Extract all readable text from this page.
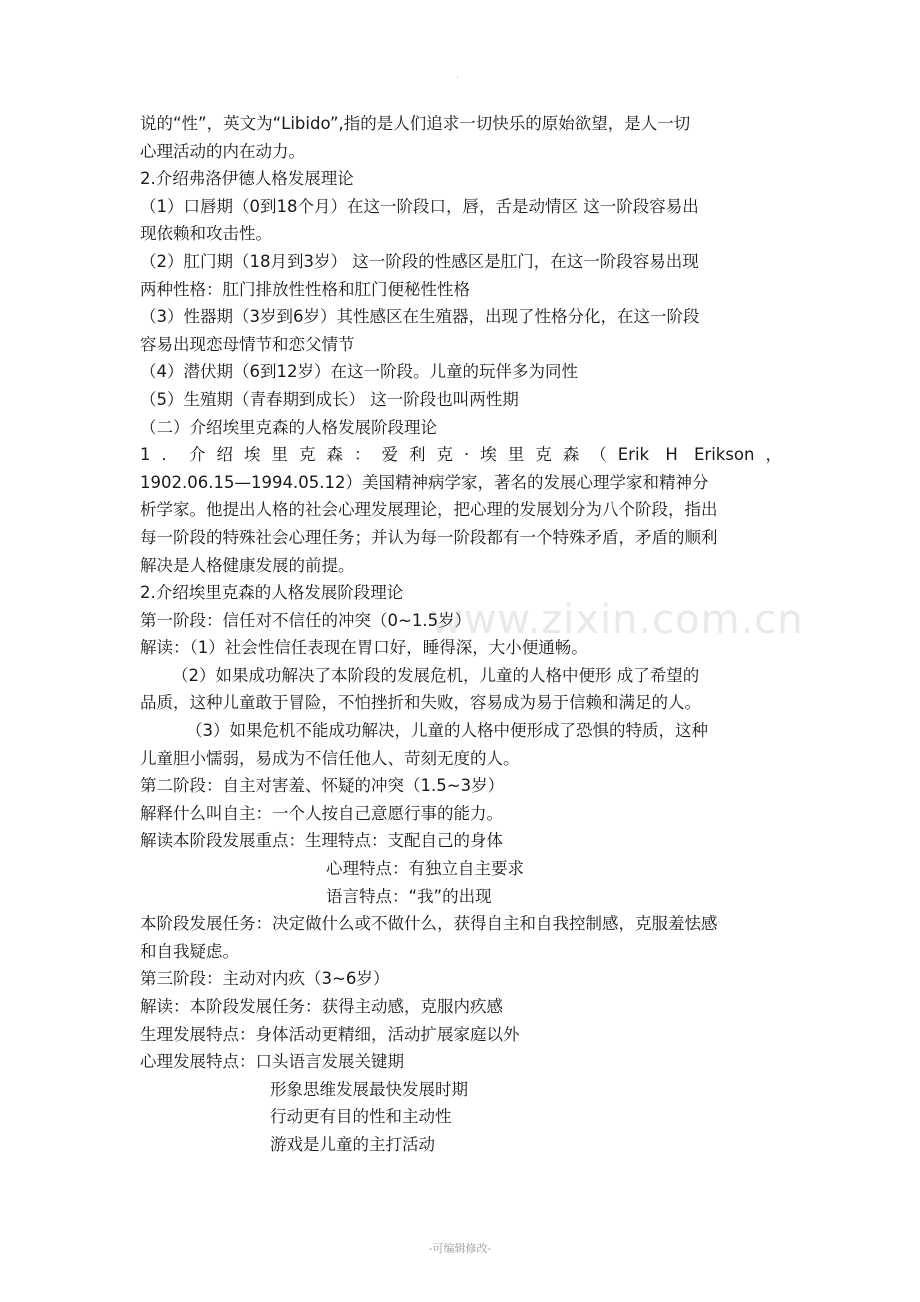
.
www.zixin.com.cn
说的“性”，英文为“Libido”,指的是人们追求一切快乐的原始欲望，是人一切
心理活动的内在动力。
2.介绍弗洛伊德人格发展理论
（1）口唇期（0到18个月）在这一阶段口，唇，舌是动情区 这一阶段容易出
现依赖和攻击性。
（2）肛门期（18月到3岁） 这一阶段的性感区是肛门，在这一阶段容易出现
两种性格：肛门排放性性格和肛门便秘性性格
（3）性器期（3岁到6岁）其性感区在生殖器，出现了性格分化，在这一阶段
容易出现恋母情节和恋父情节
（4）潜伏期（6到12岁）在这一阶段。儿童的玩伴多为同性
（5）生殖期（青春期到成长） 这一阶段也叫两性期
（二）介绍埃里克森的人格发展阶段理论
1．介绍埃里克森：爱利克·埃里克森（Erik H Erikson，
1902.06.15—1994.05.12）美国精神病学家，著名的发展心理学家和精神分
析学家。他提出人格的社会心理发展理论，把心理的发展划分为八个阶段，指出
每一阶段的特殊社会心理任务；并认为每一阶段都有一个特殊矛盾，矛盾的顺利
解决是人格健康发展的前提。
2.介绍埃里克森的人格发展阶段理论
第一阶段：信任对不信任的冲突（0~1.5岁）
解读：（1）社会性信任表现在胃口好，睡得深，大小便通畅。
（2）如果成功解决了本阶段的发展危机，儿童的人格中便形 成了希望的
品质，这种儿童敢于冒险，不怕挫折和失败，容易成为易于信赖和满足的人。
（3）如果危机不能成功解决，儿童的人格中便形成了恐惧的特质，这种
儿童胆小懦弱，易成为不信任他人、苛刻无度的人。
第二阶段：自主对害羞、怀疑的冲突（1.5~3岁）
解释什么叫自主：一个人按自己意愿行事的能力。
解读本阶段发展重点：生理特点：支配自己的身体
心理特点：有独立自主要求
语言特点：“我”的出现
本阶段发展任务：决定做什么或不做什么，获得自主和自我控制感，克服羞怯感
和自我疑虑。
第三阶段：主动对内疚（3~6岁）
解读：本阶段发展任务：获得主动感，克服内疚感
生理发展特点：身体活动更精细，活动扩展家庭以外
心理发展特点：口头语言发展关键期
形象思维发展最快发展时期
行动更有目的性和主动性
游戏是儿童的主打活动
-可编辑修改-
